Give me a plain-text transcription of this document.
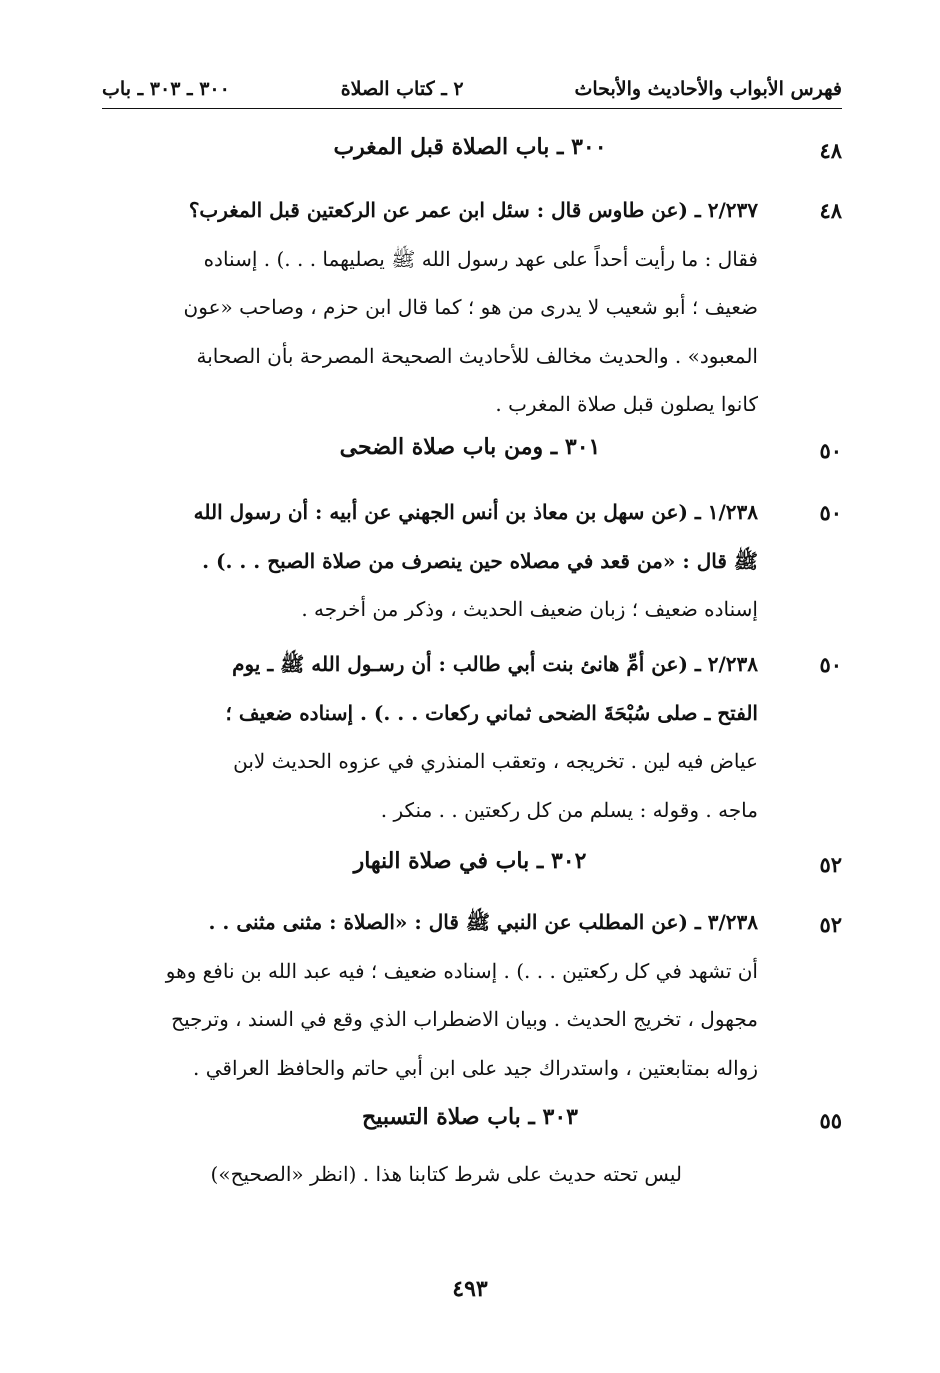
فهرس الأبواب والأحاديث والأبحاث
٢ ـ كتاب الصلاة
٣٠٠ ـ ٣٠٣ ـ باب
٤٨
٣٠٠ ـ باب الصلاة قبل المغرب
٤٨
٢/٢٣٧ ـ (عن طاوس قال : سئل ابن عمر عن الركعتين قبل المغرب؟
فقال : ما رأيت أحداً على عهد رسول الله ﷺ يصليهما . . .) . إسناده
ضعيف ؛ أبو شعيب لا يدرى من هو ؛ كما قال ابن حزم ، وصاحب «عون
المعبود» . والحديث مخالف للأحاديث الصحيحة المصرحة بأن الصحابة
كانوا يصلون قبل صلاة المغرب .
٥٠
٣٠١ ـ ومن باب صلاة الضحى
٥٠
١/٢٣٨ ـ (عن سهل بن معاذ بن أنس الجهني عن أبيه : أن رسول الله
ﷺ قال : «من قعد في مصلاه حين ينصرف من صلاة الصبح . . .) .
إسناده ضعيف ؛ زبان ضعيف الحديث ، وذكر من أخرجه .
٥٠
٢/٢٣٨ ـ (عن أمِّ هانئ بنت أبي طالب : أن رسـول الله ﷺ ـ يوم
الفتح ـ صلى سُبْحَةَ الضحى ثماني ركعات . . .) . إسناده ضعيف ؛
عياض فيه لين . تخريجه ، وتعقب المنذري في عزوه الحديث لابن
ماجه . وقوله : يسلم من كل ركعتين . . منكر .
٥٢
٣٠٢ ـ باب في صلاة النهار
٥٢
٣/٢٣٨ ـ (عن المطلب عن النبي ﷺ قال : «الصلاة : مثنى مثنى . .
أن تشهد في كل ركعتين . . .) . إسناده ضعيف ؛ فيه عبد الله بن نافع وهو
مجهول ، تخريج الحديث . وبيان الاضطراب الذي وقع في السند ، وترجيح
زواله بمتابعتين ، واستدراك جيد على ابن أبي حاتم والحافظ العراقي .
٥٥
٣٠٣ ـ باب صلاة التسبيح
ليس تحته حديث على شرط كتابنا هذا . (انظر «الصحيح»)
٤٩٣
